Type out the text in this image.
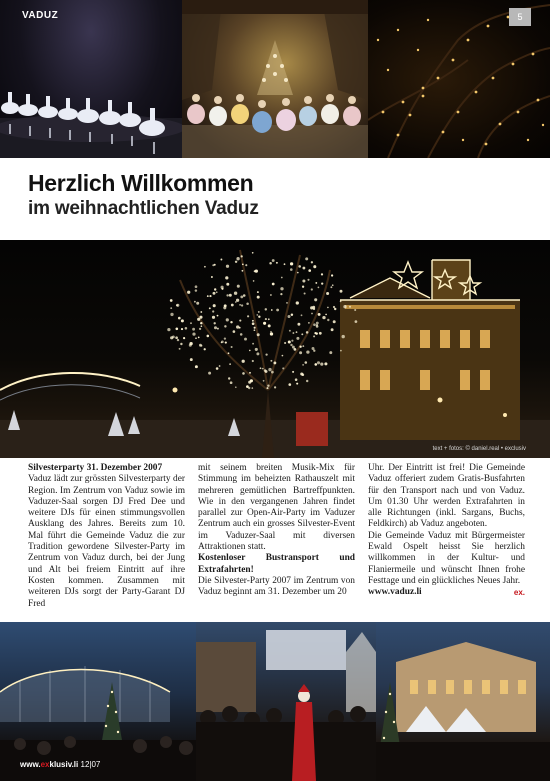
VADUZ	5
Herzlich Willkommen
im weihnachtlichen Vaduz
text + fotos: © daniel.real • exclusiv

Silvesterparty 31. Dezember 2007

Vaduz lädt zur grössten Silvesterparty der Region. Im Zentrum von Vaduz sowie im Vaduzer-Saal sorgen DJ Fred Dee und weitere DJs für einen stimmungsvollen Ausklang des Jahres. Bereits zum 10. Mal führt die Gemeinde Vaduz die zur Tradition gewordene Silvester-Party im Zentrum von Vaduz durch, bei der Jung und Alt bei freiem Eintritt auf ihre Kosten kommen. Zusammen mit weiteren DJs sorgt der Party-Garant DJ Fred

mit seinem breiten Musik-Mix für Stimmung im beheizten Rathauszelt mit mehreren gemütlichen Bartreffpunkten. Wie in den vergangenen Jahren findet parallel zur Open-Air-Party im Vaduzer Zentrum auch ein grosses Silvester-Event im Vaduzer-Saal mit diversen Attraktionen statt.

Kostenloser Bustransport und Extrafahrten!

Die Silvester-Party 2007 im Zentrum von Vaduz beginnt am 31. Dezember um 20

Uhr. Der Eintritt ist frei! Die Gemeinde Vaduz offeriert zudem Gratis-Busfahrten für den Transport nach und von Vaduz. Um 01.30 Uhr werden Extrafahrten in alle Richtungen (inkl. Sargans, Buchs, Feldkirch) ab Vaduz angeboten.

Die Gemeinde Vaduz mit Bürgermeister Ewald Ospelt heisst Sie herzlich willkommen in der Kultur- und Flaniermeile und wünscht Ihnen frohe Festtage und ein glückliches Neues Jahr.

www.vaduz.li	ex.

www.exklusiv.li 12|07
